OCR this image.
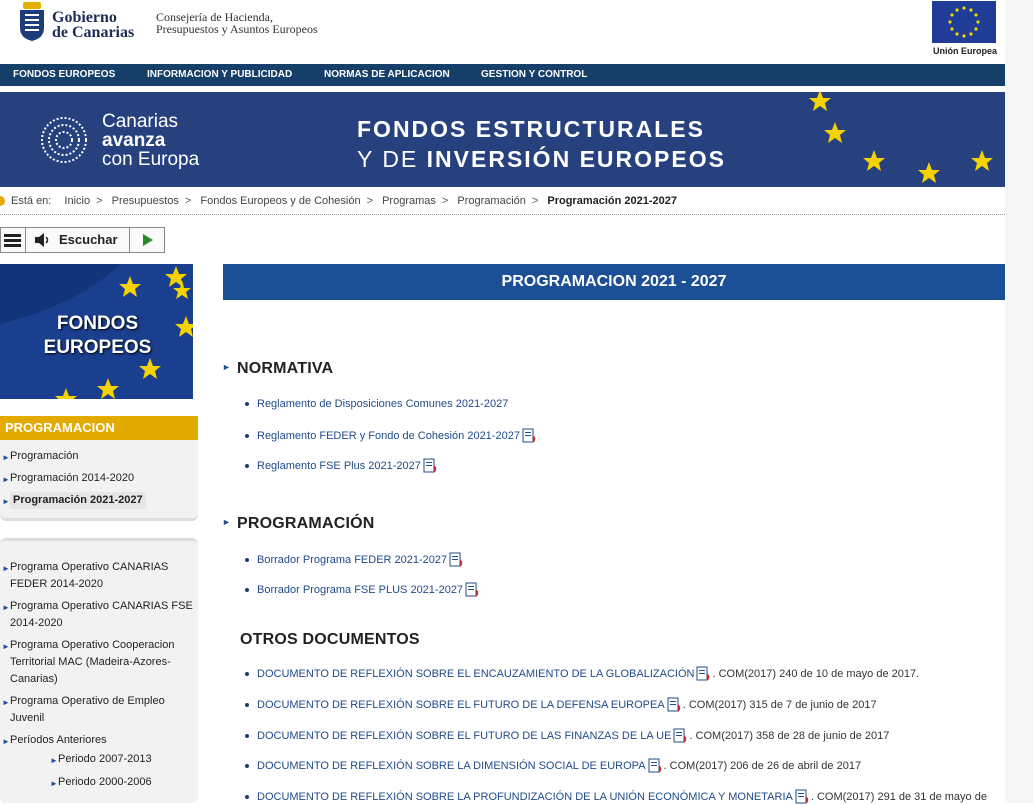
Gobierno
de Canarias
Consejería de Hacienda,
Presupuestos y Asuntos Europeos
Unión Europea
FONDOS EUROPEOS	INFORMACION Y PUBLICIDAD	NORMAS DE APLICACION	GESTION Y CONTROL
Canarias
avanza
con Europa
FONDOS ESTRUCTURALES
Y DE INVERSIÓN EUROPEOS
Está en: Inicio > Presupuestos > Fondos Europeos y de Cohesión > Programas > Programación > Programación 2021-2027
Escuchar
FONDOS
EUROPEOS
PROGRAMACION
► Programación
► Programación 2014-2020
► Programación 2021-2027
► Programa Operativo CANARIAS
FEDER 2014-2020
► Programa Operativo CANARIAS FSE
2014-2020
► Programa Operativo Cooperacion
Territorial MAC (Madeira-Azores-
Canarias)
► Programa Operativo de Empleo
Juvenil
► Períodos Anteriores
► Periodo 2007-2013
► Periodo 2000-2006
PROGRAMACION 2021 - 2027
► NORMATIVA
Reglamento de Disposiciones Comunes 2021-2027
Reglamento FEDER y Fondo de Cohesión 2021-2027
Reglamento FSE Plus 2021-2027
► PROGRAMACIÓN
Borrador Programa FEDER 2021-2027
Borrador Programa FSE PLUS 2021-2027
OTROS DOCUMENTOS
DOCUMENTO DE REFLEXIÓN SOBRE EL ENCAUZAMIENTO DE LA GLOBALIZACIÓN . COM(2017) 240 de 10 de mayo de 2017.
DOCUMENTO DE REFLEXIÓN SOBRE EL FUTURO DE LA DEFENSA EUROPEA . COM(2017) 315 de 7 de junio de 2017
DOCUMENTO DE REFLEXIÓN SOBRE EL FUTURO DE LAS FINANZAS DE LA UE . COM(2017) 358 de 28 de junio de 2017
DOCUMENTO DE REFLEXIÓN SOBRE LA DIMENSIÓN SOCIAL DE EUROPA . COM(2017) 206 de 26 de abril de 2017
DOCUMENTO DE REFLEXIÓN SOBRE LA PROFUNDIZACIÓN DE LA UNIÓN ECONÓMICA Y MONETARIA . COM(2017) 291 de 31 de mayo de
